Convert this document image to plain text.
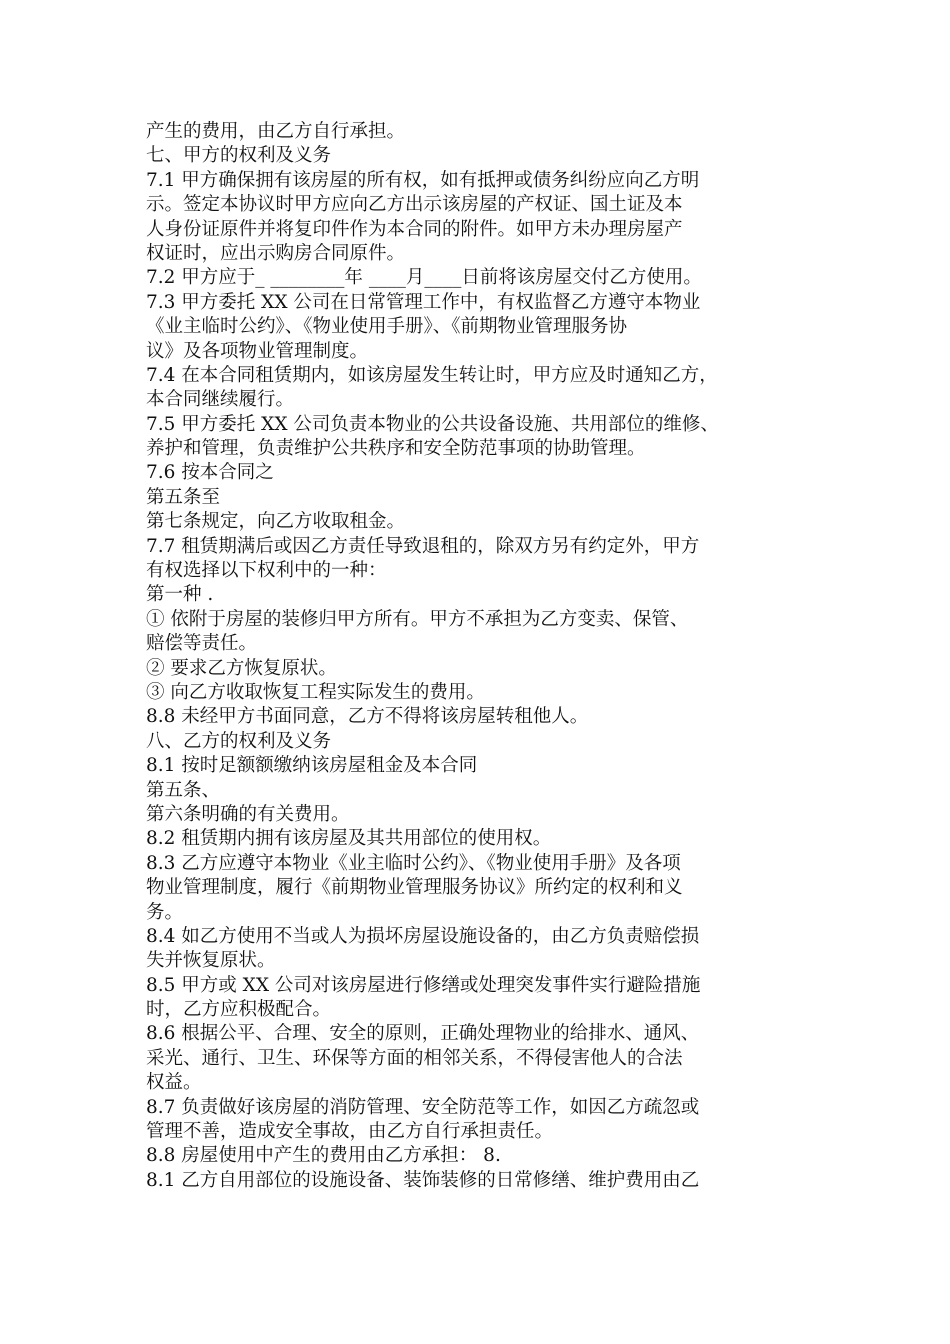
产生的费用，由乙方自行承担。
七、甲方的权利及义务
7.1 甲方确保拥有该房屋的所有权，如有抵押或债务纠纷应向乙方明
示。签定本协议时甲方应向乙方出示该房屋的产权证、国土证及本
人身份证原件并将复印件作为本合同的附件。如甲方未办理房屋产
权证时，应出示购房合同原件。
7.2 甲方应于_ ________年 ____月____日前将该房屋交付乙方使用。
7.3 甲方委托 XX 公司在日常管理工作中，有权监督乙方遵守本物业
《业主临时公约》、《物业使用手册》、《前期物业管理服务协
议》及各项物业管理制度。
7.4 在本合同租赁期内，如该房屋发生转让时，甲方应及时通知乙方，
本合同继续履行。
7.5 甲方委托 XX 公司负责本物业的公共设备设施、共用部位的维修、
养护和管理，负责维护公共秩序和安全防范事项的协助管理。
7.6 按本合同之
第五条至
第七条规定，向乙方收取租金。
7.7 租赁期满后或因乙方责任导致退租的，除双方另有约定外，甲方
有权选择以下权利中的一种：
第一种 .
① 依附于房屋的装修归甲方所有。甲方不承担为乙方变卖、保管、
赔偿等责任。
② 要求乙方恢复原状。
③ 向乙方收取恢复工程实际发生的费用。
8.8 未经甲方书面同意，乙方不得将该房屋转租他人。
八、乙方的权利及义务
8.1 按时足额额缴纳该房屋租金及本合同
第五条、
第六条明确的有关费用。
8.2 租赁期内拥有该房屋及其共用部位的使用权。
8.3 乙方应遵守本物业《业主临时公约》、《物业使用手册》及各项
物业管理制度，履行《前期物业管理服务协议》所约定的权利和义
务。
8.4 如乙方使用不当或人为损坏房屋设施设备的，由乙方负责赔偿损
失并恢复原状。
8.5 甲方或 XX 公司对该房屋进行修缮或处理突发事件实行避险措施
时，乙方应积极配合。
8.6 根据公平、合理、安全的原则，正确处理物业的给排水、通风、
采光、通行、卫生、环保等方面的相邻关系，不得侵害他人的合法
权益。
8.7 负责做好该房屋的消防管理、安全防范等工作，如因乙方疏忽或
管理不善，造成安全事故，由乙方自行承担责任。
8.8 房屋使用中产生的费用由乙方承担： 8.
8.1 乙方自用部位的设施设备、装饰装修的日常修缮、维护费用由乙
